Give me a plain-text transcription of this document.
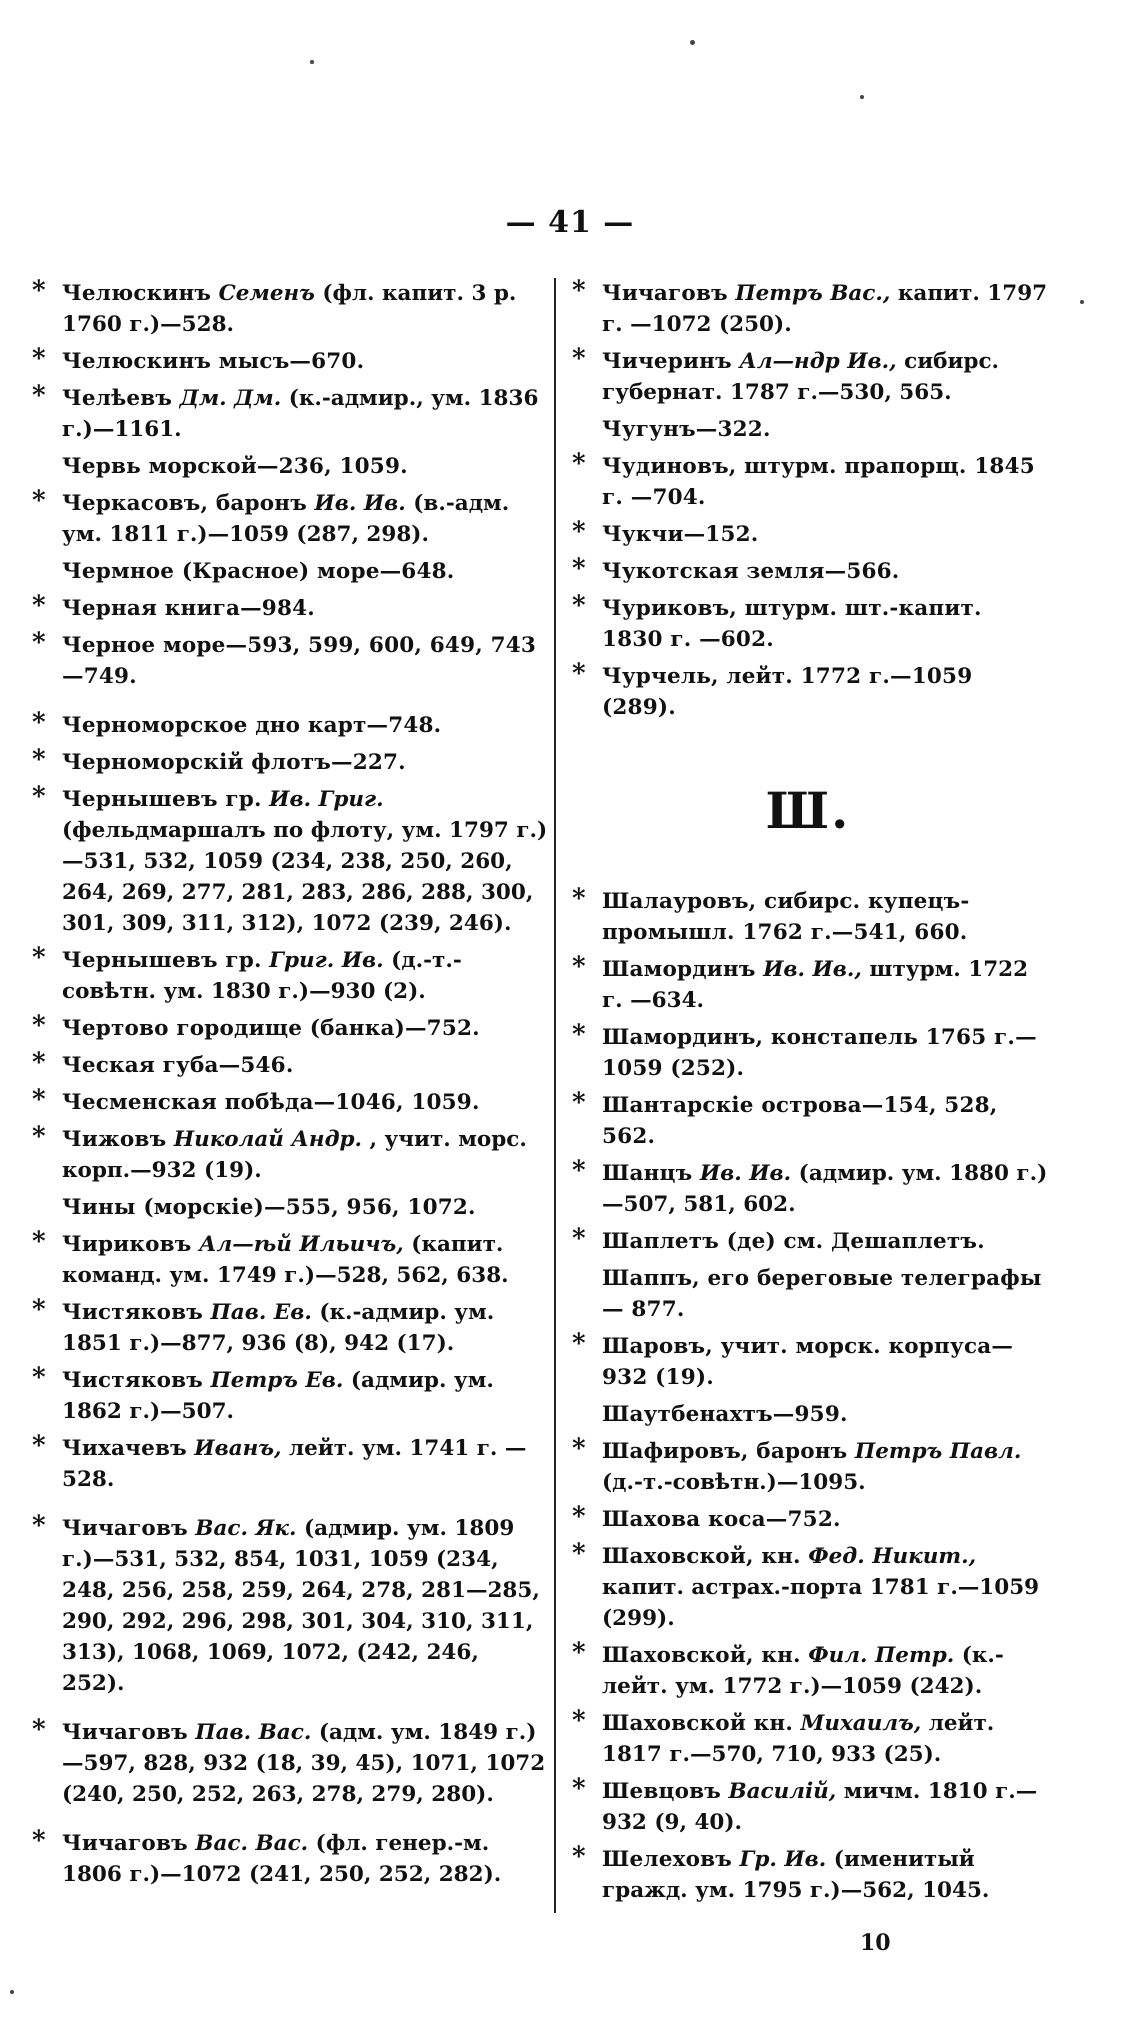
— 41 —
* Челюскинъ Семенъ (фл. капит. 3 р. 1760 г.)—528.
* Челюскинъ мысъ—670.
* Челѣевъ Дм. Дм. (к.-адмир., ум. 1836 г.)—1161.
Червь морской—236, 1059.
* Черкасовъ, баронъ Ив. Ив. (в.-адм. ум. 1811 г.)—1059 (287, 298).
Чермное (Красное) море—648.
* Черная книга—984.
* Черное море—593, 599, 600, 649, 743 —749.
* Черноморское дно карт—748.
* Черноморскій флотъ—227.
* Чернышевъ гр. Ив. Григ. (фельдмаршалъ по флоту, ум. 1797 г.)—531, 532, 1059 (234, 238, 250, 260, 264, 269, 277, 281, 283, 286, 288, 300, 301, 309, 311, 312), 1072 (239, 246).
* Чернышевъ гр. Григ. Ив. (д.-т.-совѣтн. ум. 1830 г.)—930 (2).
* Чертово городище (банка)—752.
* Ческая губа—546.
* Чесменская побѣда—1046, 1059.
* Чижовъ Николай Андр. , учит. морс. корп.—932 (19).
Чины (морскіе)—555, 956, 1072.
* Чириковъ Ал—ѣй Ильичъ, (капит. команд. ум. 1749 г.)—528, 562, 638.
* Чистяковъ Пав. Ев. (к.-адмир. ум. 1851 г.)—877, 936 (8), 942 (17).
* Чистяковъ Петръ Ев. (адмир. ум. 1862 г.)—507.
* Чихачевъ Иванъ, лейт. ум. 1741 г. —528.
* Чичаговъ Вас. Як. (адмир. ум. 1809 г.)—531, 532, 854, 1031, 1059 (234, 248, 256, 258, 259, 264, 278, 281—285, 290, 292, 296, 298, 301, 304, 310, 311, 313), 1068, 1069, 1072, (242, 246, 252).
* Чичаговъ Пав. Вас. (адм. ум. 1849 г.) —597, 828, 932 (18, 39, 45), 1071, 1072 (240, 250, 252, 263, 278, 279, 280).
* Чичаговъ Вас. Вас. (фл. генер.-м. 1806 г.)—1072 (241, 250, 252, 282).
* Чичаговъ Петръ Вас., капит. 1797 г. —1072 (250).
* Чичеринъ Ал—ндр Ив., сибирс. губернат. 1787 г.—530, 565.
Чугунъ—322.
* Чудиновъ, штурм. прапорщ. 1845 г. —704.
* Чукчи—152.
* Чукотская земля—566.
* Чуриковъ, штурм. шт.-капит. 1830 г. —602.
* Чурчель, лейт. 1772 г.—1059 (289).
Ш.
* Шалауровъ, сибирс. купецъ-промышл. 1762 г.—541, 660.
* Шамординъ Ив. Ив., штурм. 1722 г. —634.
* Шамординъ, констапель 1765 г.— 1059 (252).
* Шантарскіе острова—154, 528, 562.
* Шанцъ Ив. Ив. (адмир. ум. 1880 г.) —507, 581, 602.
* Шаплетъ (де) см. Дешаплетъ.
Шаппъ, его береговые телеграфы— 877.
* Шаровъ, учит. морск. корпуса—932 (19).
Шаутбенахтъ—959.
* Шафировъ, баронъ Петръ Павл. (д.-т.-совѣтн.)—1095.
* Шахова коса—752.
* Шаховской, кн. Фед. Никит., капит. астрах.-порта 1781 г.—1059 (299).
* Шаховской, кн. Фил. Петр. (к.-лейт. ум. 1772 г.)—1059 (242).
* Шаховской кн. Михаилъ, лейт. 1817 г.—570, 710, 933 (25).
* Шевцовъ Василій, мичм. 1810 г.— 932 (9, 40).
* Шелеховъ Гр. Ив. (именитый гражд. ум. 1795 г.)—562, 1045.
10
